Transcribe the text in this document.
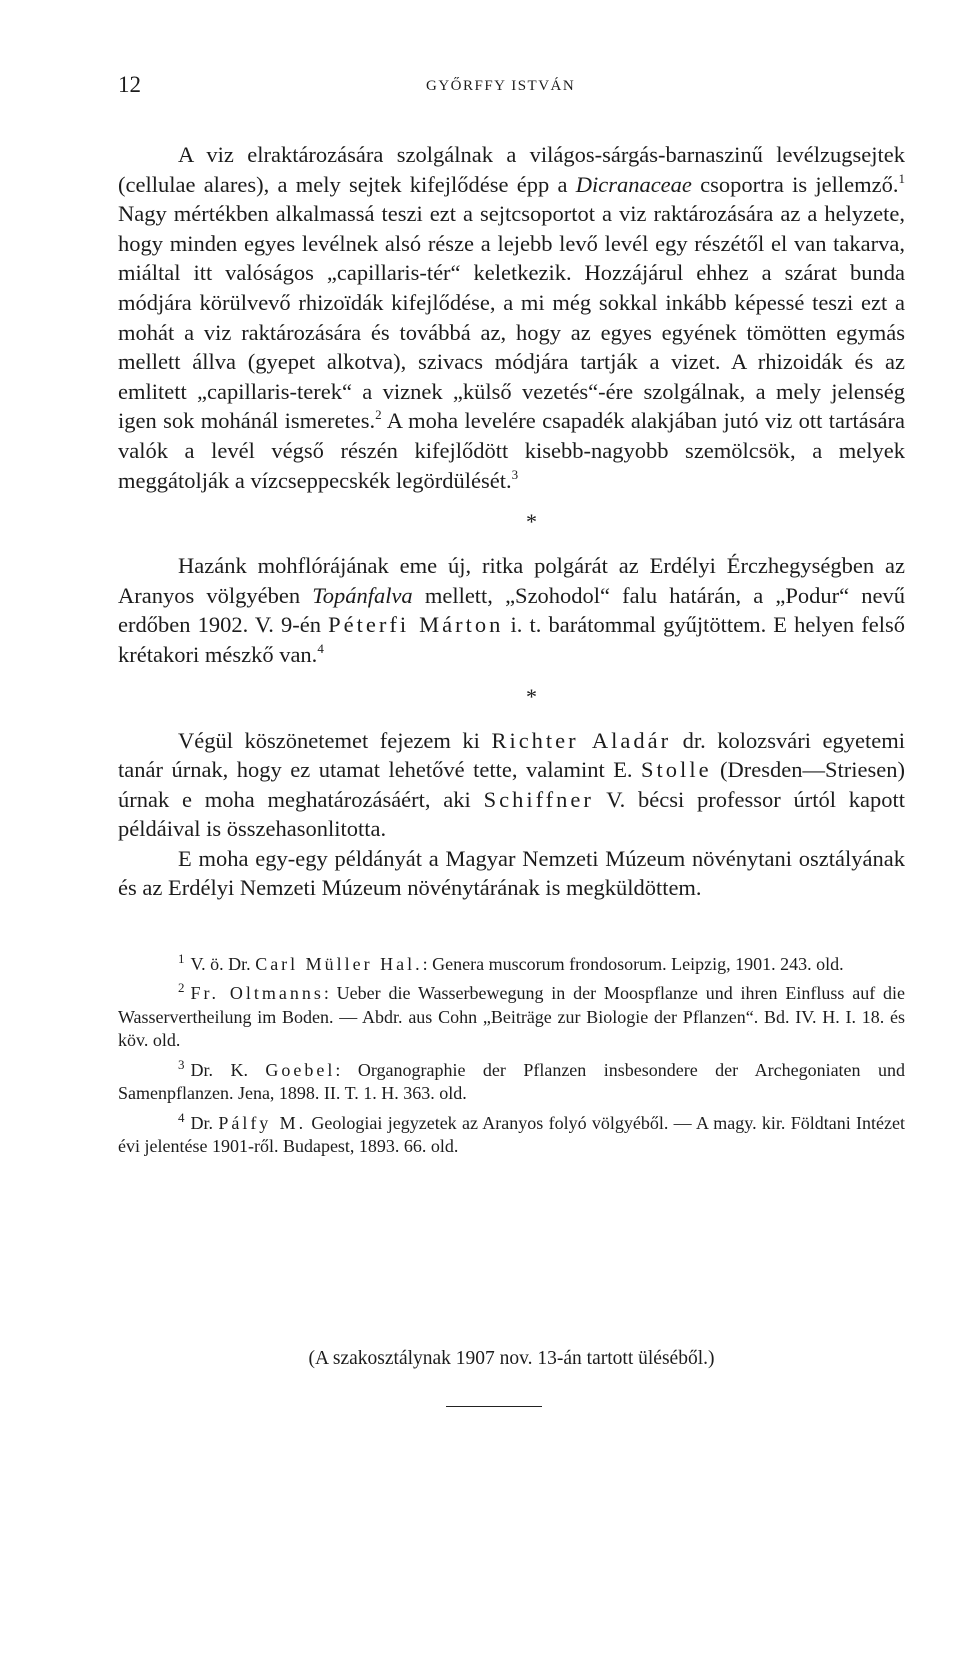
12	GYŐRFFY ISTVÁN

A viz elraktározására szolgálnak a világos-sárgás-barnaszinű levélzugsejtek (cellulae alares), a mely sejtek kifejlődése épp a Dicranaceae csoportra is jellemző.$^1$ Nagy mértékben alkalmassá teszi ezt a sejtcsoportot a viz raktározására az a helyzete, hogy minden egyes levélnek alsó része a lejebb levő levél egy részétől el van takarva, miáltal itt valóságos „capillaris-tér“ keletkezik. Hozzájárul ehhez a szárat bunda módjára körülvevő rhizoïdák kifejlődése, a mi még sokkal inkább képessé teszi ezt a mohát a viz raktározására és továbbá az, hogy az egyes egyének tömötten egymás mellett állva (gyepet alkotva), szivacs módjára tartják a vizet. A rhizoidák és az emlitett „capillaris-terek“ a viznek „külső vezetés“-ére szolgálnak, a mely jelenség igen sok mohánál ismeretes.$^2$ A moha levelére csapadék alakjában jutó viz ott tartására valók a levél végső részén kifejlődött kisebb-nagyobb szemölcsök, a melyek meggátolják a vízcseppecskék legördülését.$^3$

*

Hazánk mohflórájának eme új, ritka polgárát az Erdélyi Érczhegységben az Aranyos völgyében Topánfalva mellett, „Szohodol“ falu határán, a „Podur“ nevű erdőben 1902. V. 9-én Péterfi Márton i. t. barátommal gyűjtöttem. E helyen felső krétakori mészkő van.$^4$

*

Végül köszönetemet fejezem ki Richter Aladár dr. kolozsvári egyetemi tanár úrnak, hogy ez utamat lehetővé tette, valamint E. Stolle (Dresden—Striesen) úrnak e moha meghatározásáért, aki Schiffner V. bécsi professor úrtól kapott példáival is összehasonlitotta.

E moha egy-egy példányát a Magyar Nemzeti Múzeum növénytani osztályának és az Erdélyi Nemzeti Múzeum növénytárának is megküldöttem.

$^1$ V. ö. Dr. Carl Müller Hal.: Genera muscorum frondosorum. Leipzig, 1901. 243. old.

$^2$ Fr. Oltmanns: Ueber die Wasserbewegung in der Moospflanze und ihren Einfluss auf die Wasservertheilung im Boden. — Abdr. aus Cohn „Beiträge zur Biologie der Pflanzen“. Bd. IV. H. I. 18. és köv. old.

$^3$ Dr. K. Goebel: Organographie der Pflanzen insbesondere der Archegoniaten und Samenpflanzen. Jena, 1898. II. T. 1. H. 363. old.

$^4$ Dr. Pálfy M. Geologiai jegyzetek az Aranyos folyó völgyéből. — A magy. kir. Földtani Intézet évi jelentése 1901-ről. Budapest, 1893. 66. old.

(A szakosztálynak 1907 nov. 13-án tartott üléséből.)
